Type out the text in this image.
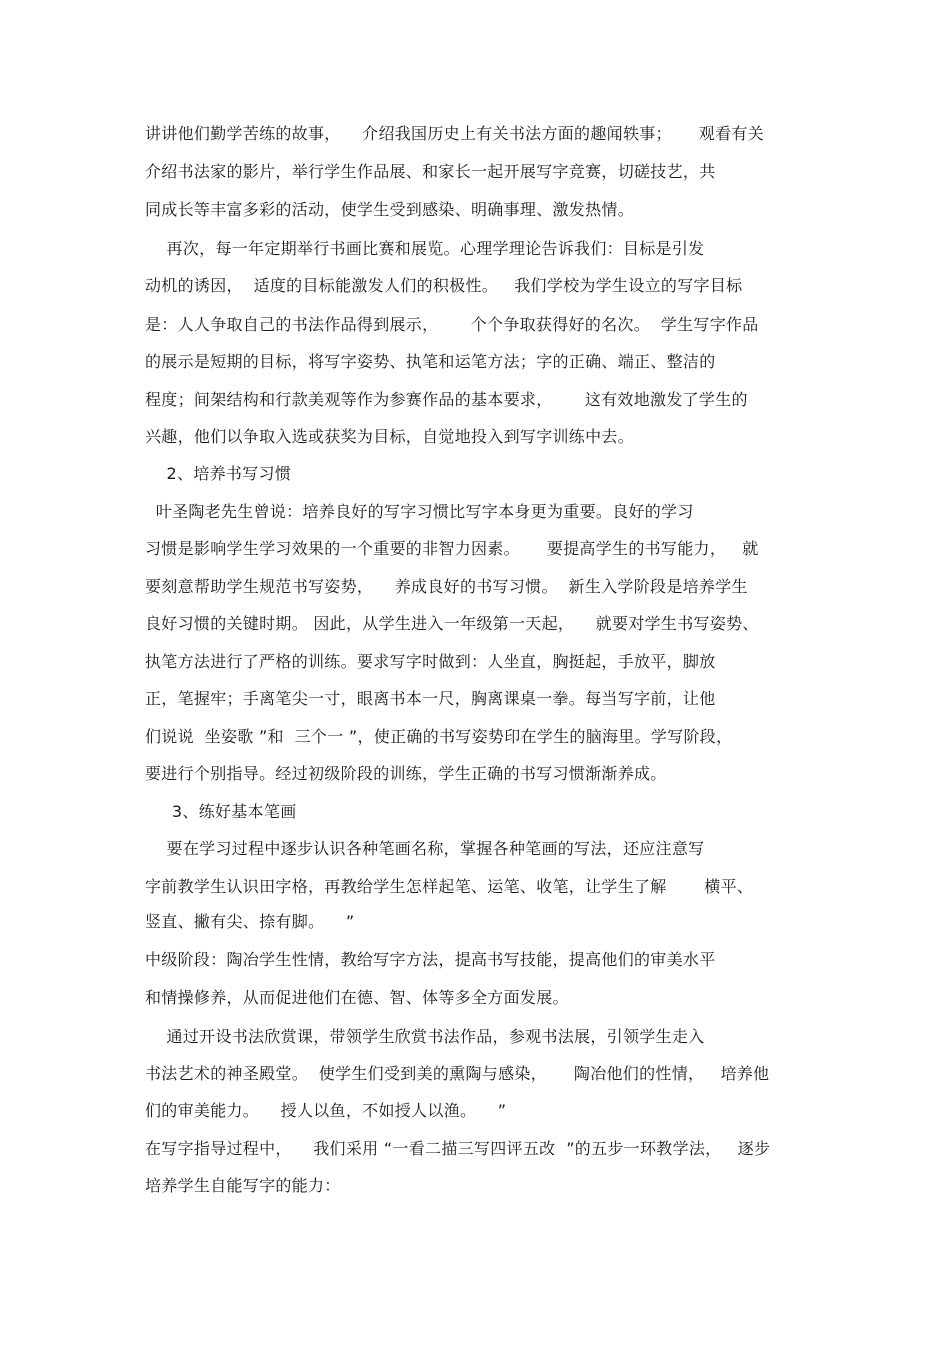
讲讲他们勤学苦练的故事，    介绍我国历史上有关书法方面的趣闻轶事；     观看有关
介绍书法家的影片，举行学生作品展、和家长一起开展写字竞赛，切磋技艺，共
同成长等丰富多彩的活动，使学生受到感染、明确事理、激发热情。
再次，每一年定期举行书画比赛和展览。心理学理论告诉我们：目标是引发
动机的诱因，  适度的目标能激发人们的积极性。   我们学校为学生设立的写字目标
是：人人争取自己的书法作品得到展示，      个个争取获得好的名次。  学生写字作品
的展示是短期的目标，将写字姿势、执笔和运笔方法；字的正确、端正、整洁的
程度；间架结构和行款美观等作为参赛作品的基本要求，      这有效地激发了学生的
兴趣，他们以争取入选或获奖为目标，自觉地投入到写字训练中去。
2、培养书写习惯
叶圣陶老先生曾说：培养良好的写字习惯比写字本身更为重要。良好的学习
习惯是影响学生学习效果的一个重要的非智力因素。     要提高学生的书写能力，   就
要刻意帮助学生规范书写姿势，    养成良好的书写习惯。  新生入学阶段是培养学生
良好习惯的关键时期。 因此，从学生进入一年级第一天起，    就要对学生书写姿势、
执笔方法进行了严格的训练。要求写字时做到：人坐直，胸挺起，手放平，脚放
正，笔握牢；手离笔尖一寸，眼离书本一尺，胸离课桌一拳。每当写字前，让他
们说说  坐姿歌 ”和  三个一 ”，使正确的书写姿势印在学生的脑海里。学写阶段，
要进行个别指导。经过初级阶段的训练，学生正确的书写习惯渐渐养成。
3、练好基本笔画
要在学习过程中逐步认识各种笔画名称，掌握各种笔画的写法，还应注意写
字前教学生认识田字格，再教给学生怎样起笔、运笔、收笔，让学生了解       横平、
竖直、撇有尖、捺有脚。    ”
中级阶段：陶冶学生性情，教给写字方法，提高书写技能，提高他们的审美水平
和情操修养，从而促进他们在德、智、体等多全方面发展。
通过开设书法欣赏课，带领学生欣赏书法作品，参观书法展，引领学生走入
书法艺术的神圣殿堂。  使学生们受到美的熏陶与感染，     陶冶他们的性情，   培养他
们的审美能力。    授人以鱼，不如授人以渔。    ”
在写字指导过程中，    我们采用 “一看二描三写四评五改  ”的五步一环教学法，   逐步
培养学生自能写字的能力：
